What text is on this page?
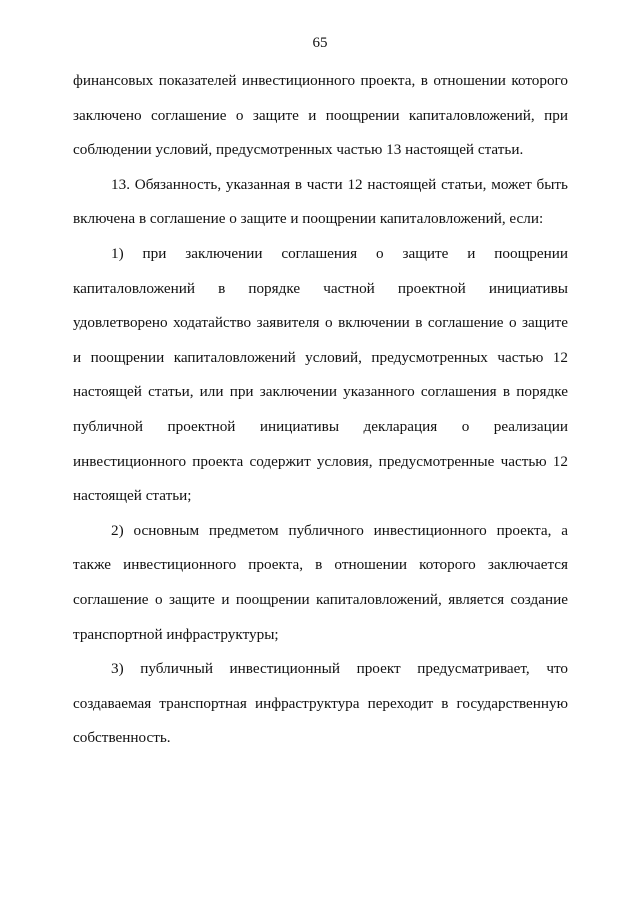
65

финансовых показателей инвестиционного проекта, в отношении которого
заключено соглашение о защите и поощрении капиталовложений, при
соблюдении условий, предусмотренных частью 13 настоящей статьи.

13. Обязанность, указанная в части 12 настоящей статьи, может быть
включена в соглашение о защите и поощрении капиталовложений, если:

1) при заключении соглашения о защите и поощрении
капиталовложений в порядке частной проектной инициативы
удовлетворено ходатайство заявителя о включении в соглашение о защите
и поощрении капиталовложений условий, предусмотренных частью 12
настоящей статьи, или при заключении указанного соглашения в порядке
публичной проектной инициативы декларация о реализации
инвестиционного проекта содержит условия, предусмотренные частью 12
настоящей статьи;

2) основным предметом публичного инвестиционного проекта, а
также инвестиционного проекта, в отношении которого заключается
соглашение о защите и поощрении капиталовложений, является создание
транспортной инфраструктуры;

3) публичный инвестиционный проект предусматривает, что
создаваемая транспортная инфраструктура переходит в государственную
собственность.
